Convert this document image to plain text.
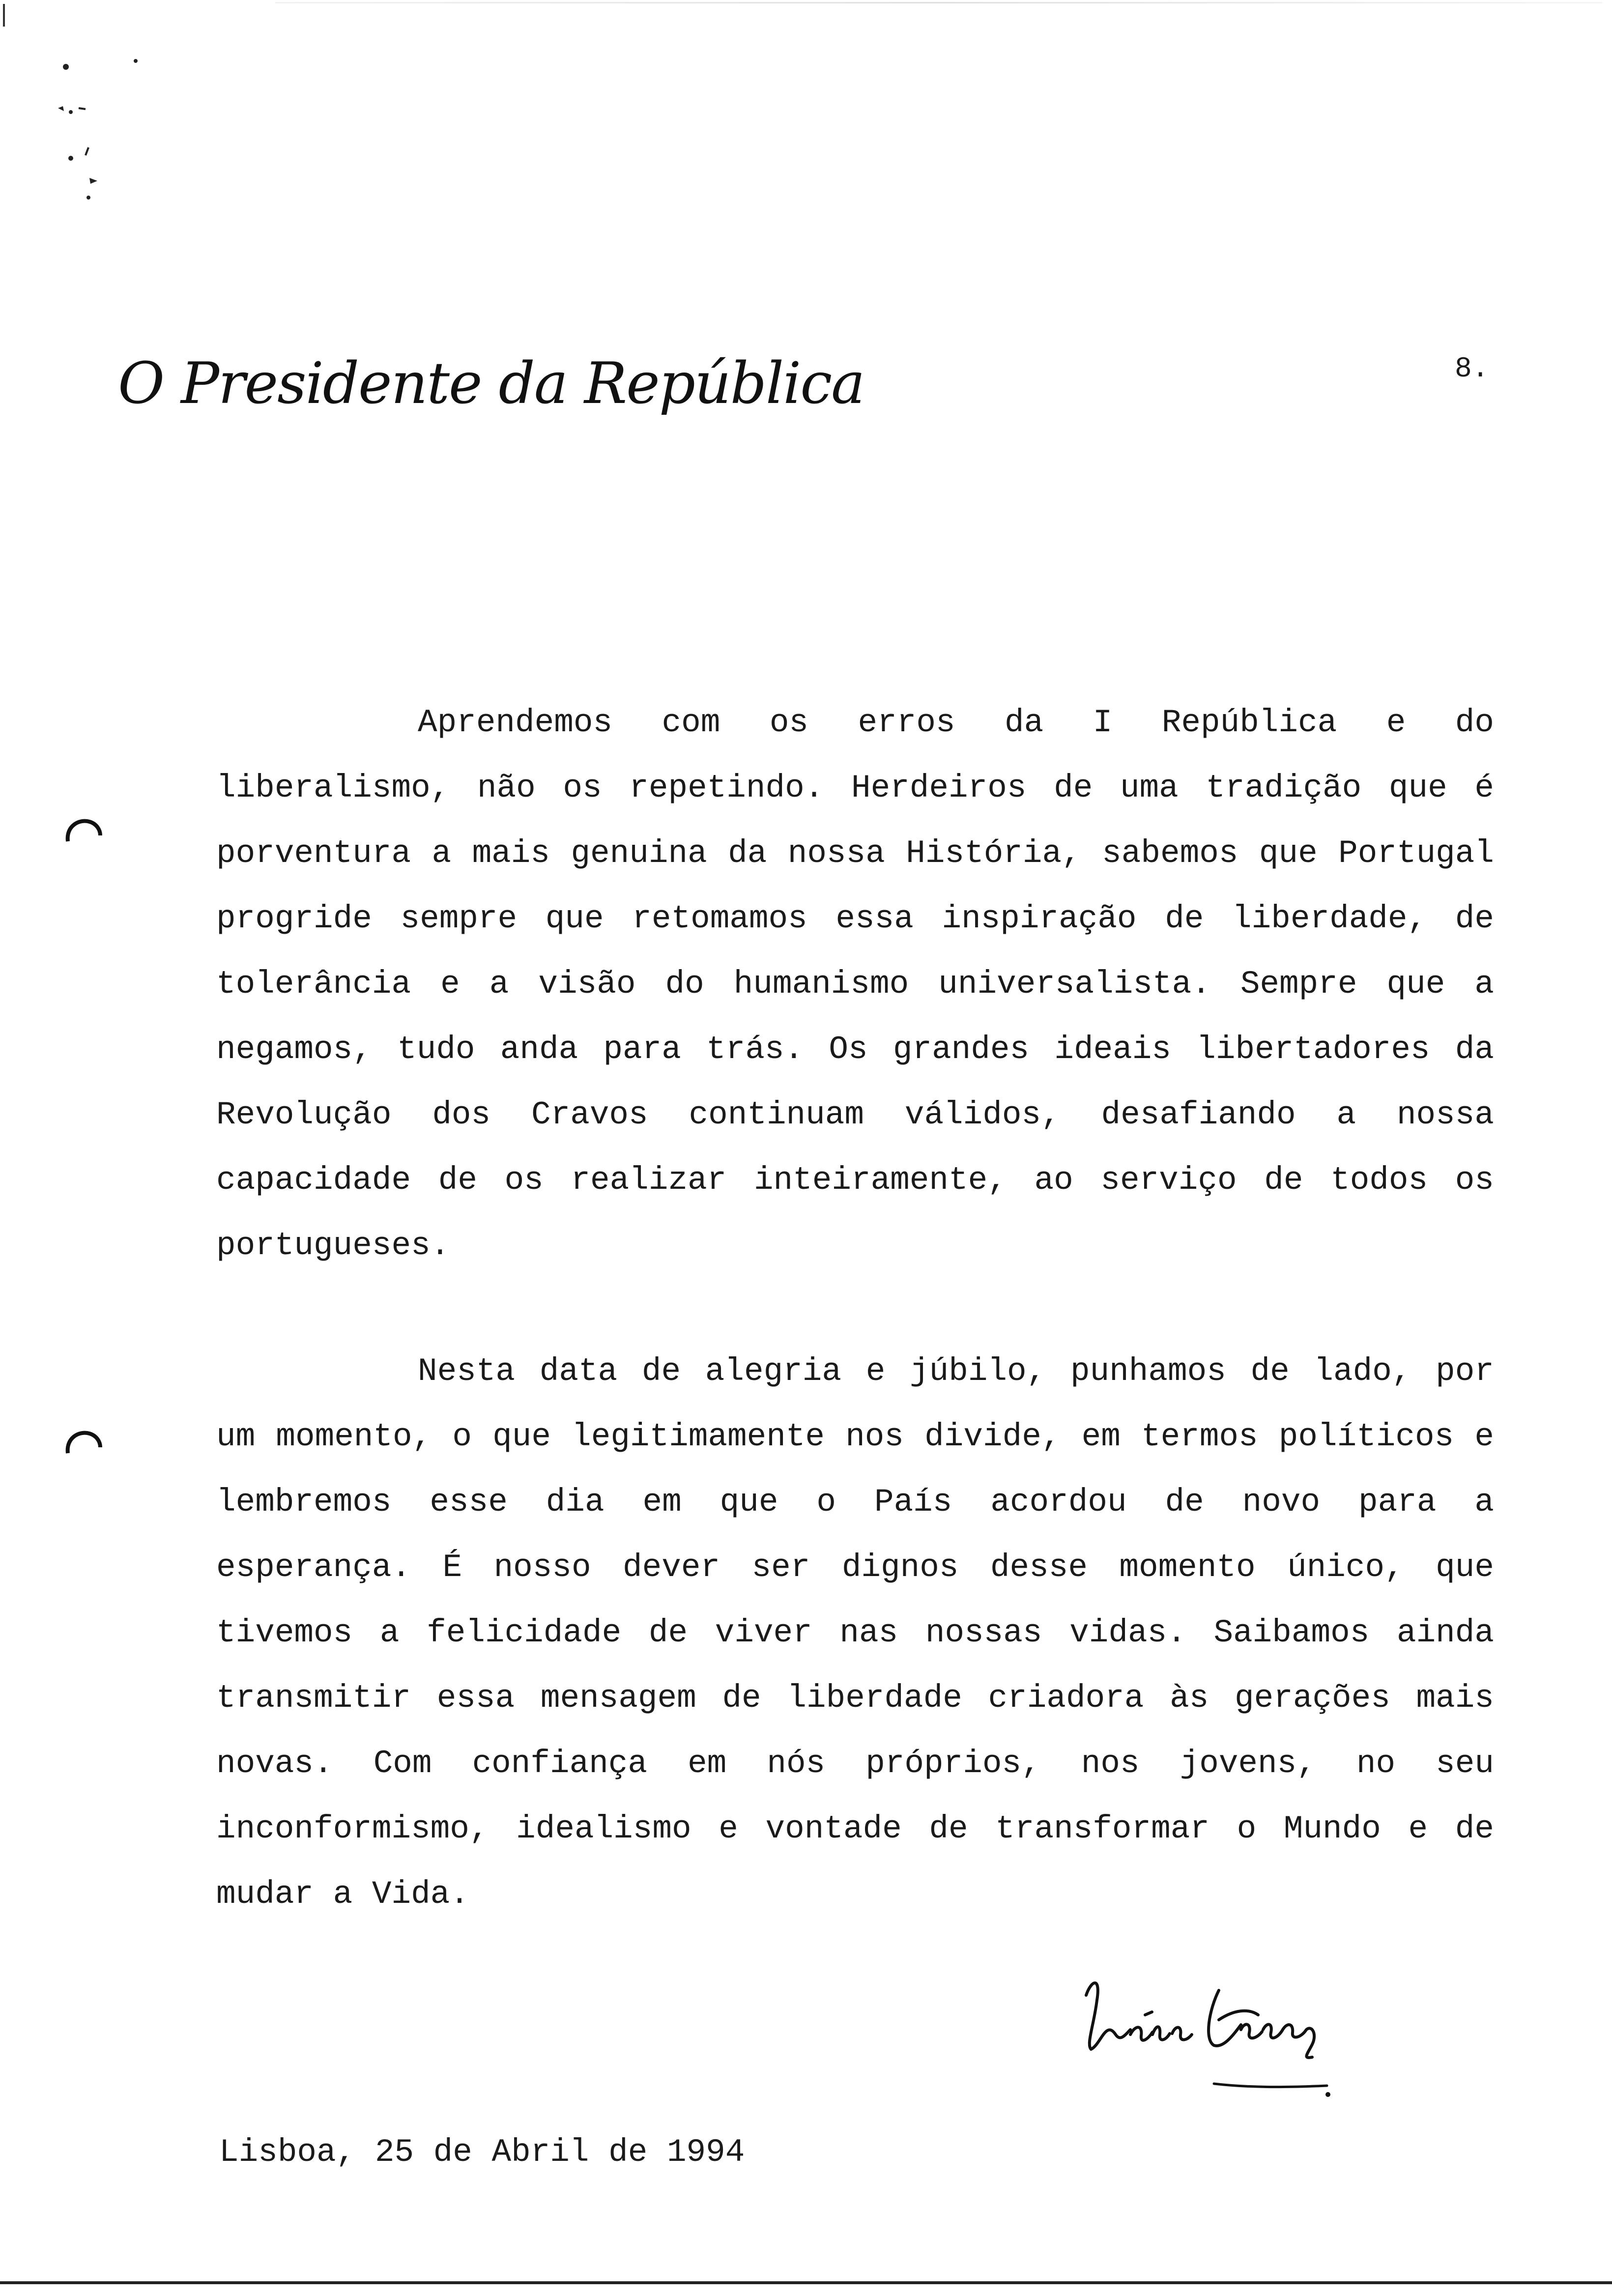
O Presidente da República	8.
Aprendemos com os erros da I República e do
liberalismo, não os repetindo. Herdeiros de uma tradição que é
porventura a mais genuina da nossa História, sabemos que Portugal
progride sempre que retomamos essa inspiração de liberdade, de
tolerância e a visão do humanismo universalista. Sempre que a
negamos, tudo anda para trás. Os grandes ideais libertadores da
Revolução dos Cravos continuam válidos, desafiando a nossa
capacidade de os realizar inteiramente, ao serviço de todos os
portugueses.
Nesta data de alegria e júbilo, punhamos de lado, por
um momento, o que legitimamente nos divide, em termos políticos e
lembremos esse dia em que o País acordou de novo para a
esperança. É nosso dever ser dignos desse momento único, que
tivemos a felicidade de viver nas nossas vidas. Saibamos ainda
transmitir essa mensagem de liberdade criadora às gerações mais
novas. Com confiança em nós próprios, nos jovens, no seu
inconformismo, idealismo e vontade de transformar o Mundo e de
mudar a Vida.
Lisboa, 25 de Abril de 1994
